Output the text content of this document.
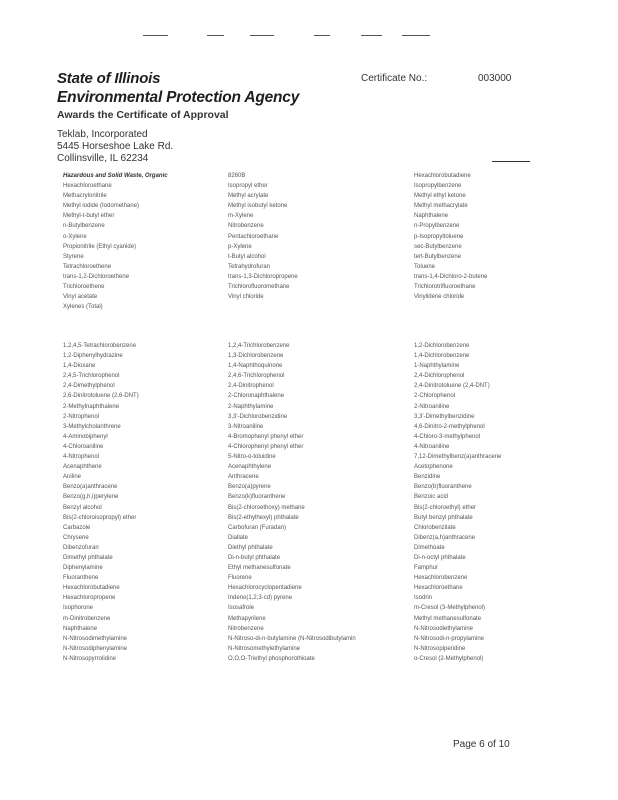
State of Illinois
Environmental Protection Agency
Awards the Certificate of Approval
Certificate No.:	003000
Teklab, Incorporated
5445 Horseshoe Lake Rd.
Collinsville, IL 62234
Hazardous and Solid Waste, Organic	8260B	Hexachlorobutadiene
Hexachloroethane	Isopropyl ether	Isopropylbenzene
Methacrylonitrile	Methyl acrylate	Methyl ethyl ketone
Methyl iodide (Iodomethane)	Methyl isobutyl ketone	Methyl methacrylate
Methyl-t-butyl ether	m-Xylene	Naphthalene
n-Butylbenzene	Nitrobenzene	n-Propylbenzene
o-Xylene	Pentachloroethane	p-Isopropyltoluene
Propionitrile (Ethyl cyanide)	p-Xylene	sec-Butylbenzene
Styrene	t-Butyl alcohol	tert-Butylbenzene
Tetrachloroethene	Tetrahydrofuran	Toluene
trans-1,2-Dichloroethene	trans-1,3-Dichloropropene	trans-1,4-Dichloro-2-butene
Trichloroethene	Trichlorofluoromethane	Trichlorotrifluoroethane
Vinyl acetate	Vinyl chloride	Vinylidene chloride
Xylenes (Total)
1,2,4,5-Tetrachlorobenzene	1,2,4-Trichlorobenzene	1,2-Dichlorobenzene
1,2-Diphenylhydrazine	1,3-Dichlorobenzene	1,4-Dichlorobenzene
1,4-Dioxane	1,4-Naphthoquinone	1-Naphthylamine
2,4,5-Trichlorophenol	2,4,6-Trichlorophenol	2,4-Dichlorophenol
2,4-Dimethylphenol	2,4-Dinitrophenol	2,4-Dinitrotoluene (2,4-DNT)
2,6-Dinitrotoluene (2,6-DNT)	2-Chloronaphthalene	2-Chlorophenol
2-Methylnaphthalene	2-Naphthylamine	2-Nitroaniline
2-Nitrophenol	3,3'-Dichlorobenzidine	3,3'-Dimethylbenzidine
3-Methylcholanthrene	3-Nitroaniline	4,6-Dinitro-2-methylphenol
4-Aminobiphenyl	4-Bromophenyl phenyl ether	4-Chloro-3-methylphenol
4-Chloroaniline	4-Chlorophenyl phenyl ether	4-Nitroaniline
4-Nitrophenol	5-Nitro-o-toluidine	7,12-Dimethylbenz(a)anthracene
Acenaphthene	Acenaphthylene	Acetophenone
Aniline	Anthracene	Benzidine
Benzo(a)anthracene	Benzo(a)pyrene	Benzo(b)fluoranthene
Benzo(g,h,i)perylene	Benzo(k)fluoranthene	Benzoic acid
Benzyl alcohol	Bis(2-chloroethoxy) methane	Bis(2-chloroethyl) ether
Bis(2-chloroisopropyl) ether	Bis(2-ethylhexyl) phthalate	Butyl benzyl phthalate
Carbazole	Carbofuran (Furadan)	Chlorobenzilate
Chrysene	Diallate	Dibenz(a,h)anthracene
Dibenzofuran	Diethyl phthalate	Dimethoate
Dimethyl phthalate	Di-n-butyl phthalate	Di-n-octyl phthalate
Diphenylamine	Ethyl methanesulfonate	Famphur
Fluoranthene	Fluorene	Hexachlorobenzene
Hexachlorobutadiene	Hexachlorocyclopentadiene	Hexachloroethane
Hexachloropropene	Indeno(1,2,3-cd) pyrene	Isodrin
Isophorone	Isosafrole	m-Cresol (3-Methylphenol)
m-Dinitrobenzene	Methapyrilene	Methyl methanesulfonate
Naphthalene	Nitrobenzene	N-Nitrosodiethylamine
N-Nitrosodimethylamine	N-Nitroso-di-n-butylamine (N-Nitrosodibutylamin	N-Nitrosodi-n-propylamine
N-Nitrosodiphenylamine	N-Nitrosomethylethylamine	N-Nitrosopiperidine
N-Nitrosopyrrolidine	O,O,O-Triethyl phosphorothioate	o-Cresol (2-Methylphenol)
Page 6 of 10
